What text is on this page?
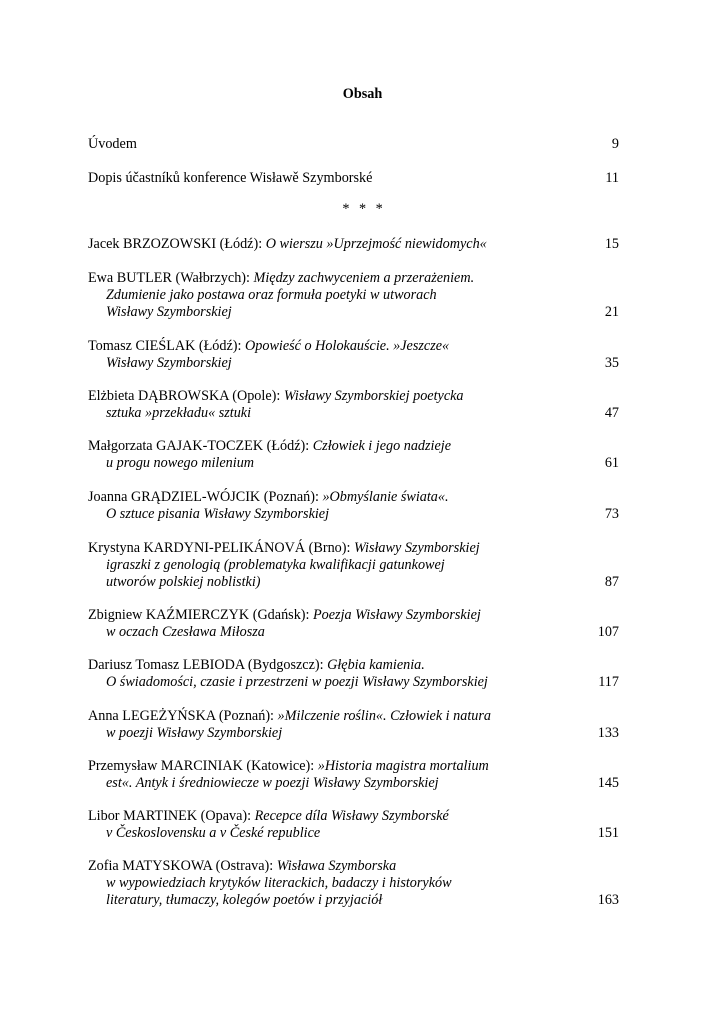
Obsah
Úvodem	9
Dopis účastníků konference Wisławě Szymborské	11
* * *
Jacek BRZOZOWSKI (Łódź): O wierszu »Uprzejmość niewidomych«	15
Ewa BUTLER (Wałbrzych): Między zachwyceniem a przerażeniem.
Zdumienie jako postawa oraz formuła poetyki w utworach
Wisławy Szymborskiej	21
Tomasz CIEŚLAK (Łódź): Opowieść o Holokauście. »Jeszcze«
Wisławy Szymborskiej	35
Elżbieta DĄBROWSKA (Opole): Wisławy Szymborskiej poetycka
sztuka »przekładu« sztuki	47
Małgorzata GAJAK-TOCZEK (Łódź): Człowiek i jego nadzieje
u progu nowego milenium	61
Joanna GRĄDZIEL-WÓJCIK (Poznań): »Obmyślanie świata«.
O sztuce pisania Wisławy Szymborskiej	73
Krystyna KARDYNI-PELIKÁNOVÁ (Brno): Wisławy Szymborskiej
igraszki z genologią (problematyka kwalifikacji gatunkowej
utworów polskiej noblistki)	87
Zbigniew KAŹMIERCZYK (Gdańsk): Poezja Wisławy Szymborskiej
w oczach Czesława Miłosza	107
Dariusz Tomasz LEBIODA (Bydgoszcz): Głębia kamienia.
O świadomości, czasie i przestrzeni w poezji Wisławy Szymborskiej	117
Anna LEGEŻYŃSKA (Poznań): »Milczenie roślin«. Człowiek i natura
w poezji Wisławy Szymborskiej	133
Przemysław MARCINIAK (Katowice): »Historia magistra mortalium
est«. Antyk i średniowiecze w poezji Wisławy Szymborskiej	145
Libor MARTINEK (Opava): Recepce díla Wisławy Szymborské
v Československu a v České republice	151
Zofia MATYSKOWA (Ostrava): Wisława Szymborska
w wypowiedziach krytyków literackich, badaczy i historyków
literatury, tłumaczy, kolegów poetów i przyjaciół	163
